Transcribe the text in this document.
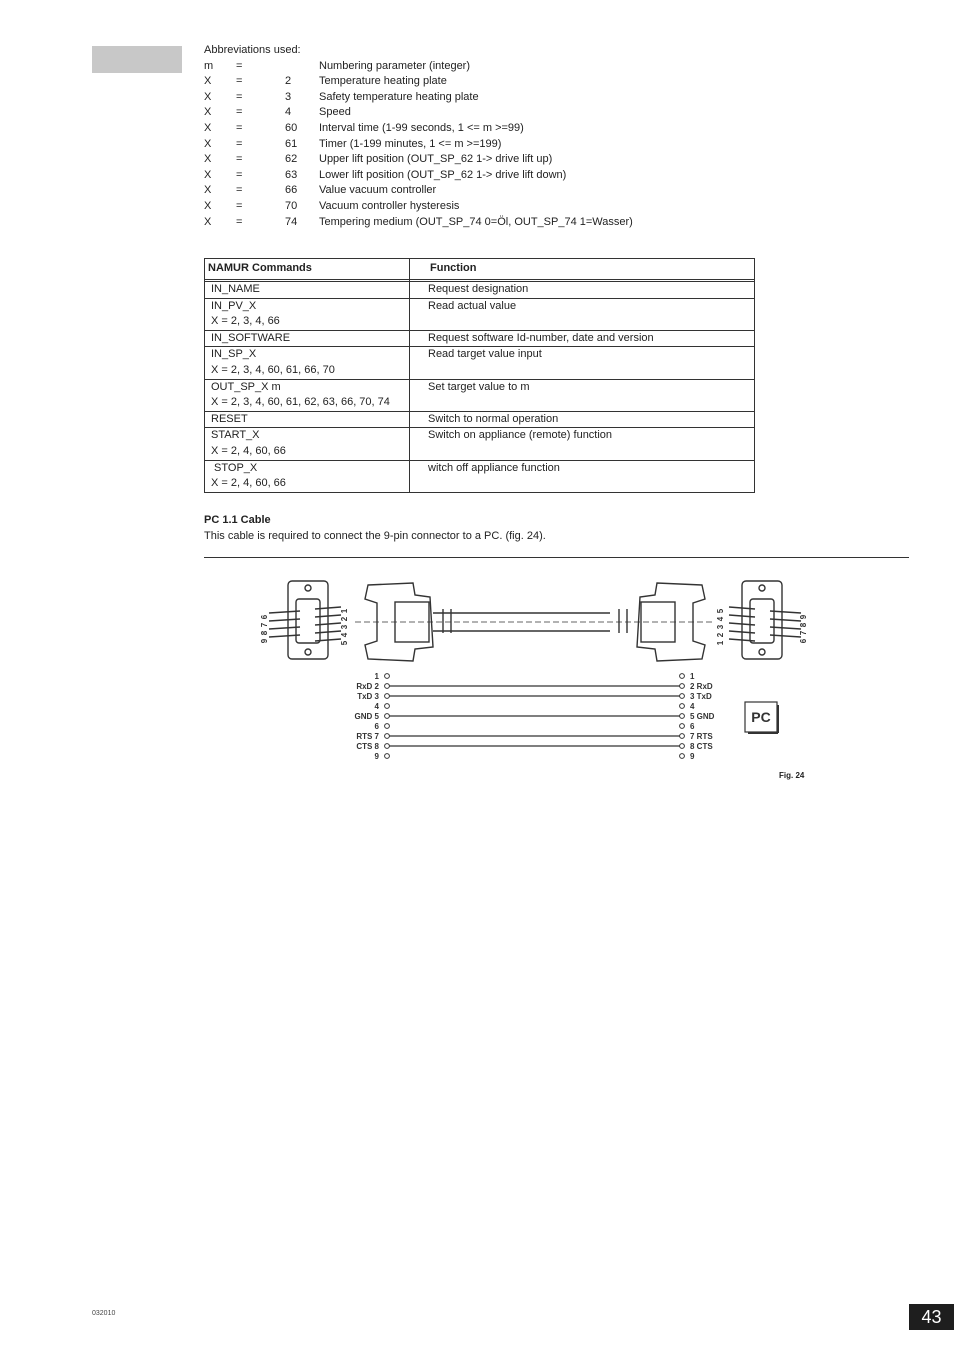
Abbreviations used:
m	=	Numbering parameter (integer)
X	=	2	Temperature heating plate
X	=	3	Safety temperature heating plate
X	=	4	Speed
X	=	60	Interval time (1-99 seconds, 1 <= m >=99)
X	=	61	Timer (1-199 minutes, 1 <= m >=199)
X	=	62	Upper lift position (OUT_SP_62 1-> drive lift up)
X	=	63	Lower lift position (OUT_SP_62 1-> drive lift down)
X	=	66	Value vacuum controller
X	=	70	Vacuum controller hysteresis
X	=	74	Tempering medium (OUT_SP_74 0=Öl, OUT_SP_74 1=Wasser)
NAMUR Commands	Function

IN_NAME	Request designation

IN_PV_X
X = 2, 3, 4, 66	Read actual value

IN_SOFTWARE	Request software Id-number, date and version

IN_SP_X
X = 2, 3, 4, 60, 61, 66, 70	Read target value input

OUT_SP_X m
X = 2, 3, 4, 60, 61, 62, 63, 66, 70, 74	Set target value to m

RESET	Switch to normal operation

START_X
X = 2, 4, 60, 66	Switch on appliance (remote) function

STOP_X
X = 2, 4, 60, 66	witch off appliance function
PC 1.1 Cable
This cable is required to connect the 9-pin connector to a PC. (fig. 24).
9
8
7
6
5
4
3
2
1
6
7
8
9
5
4
3
2
1
1	1
RxD 2	2 RxD
TxD 3	3 TxD
4	4
GND 5	5 GND
6	6
RTS 7	7 RTS
CTS 8	8 CTS
9	9
PC
Fig. 24
032010	43
